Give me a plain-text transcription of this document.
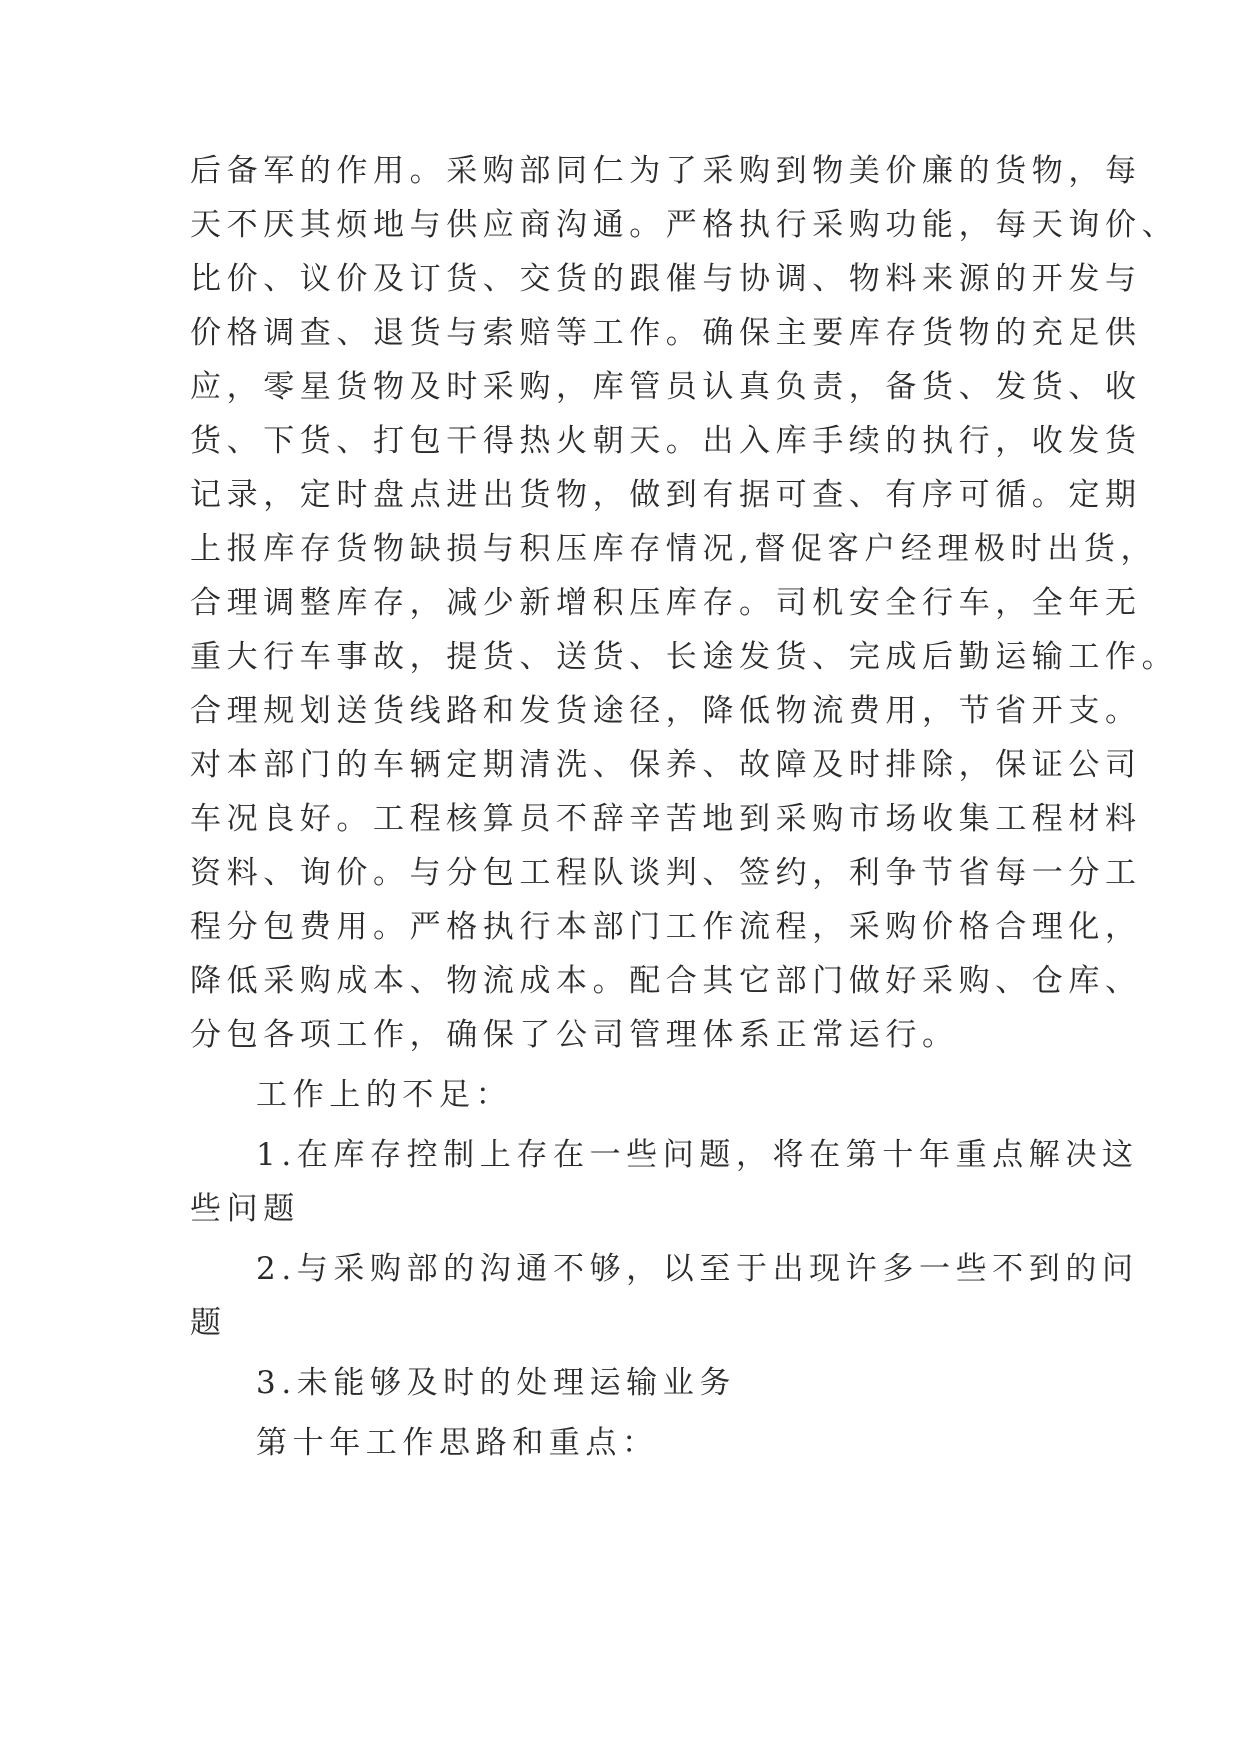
后备军的作用。采购部同仁为了采购到物美价廉的货物，每
天不厌其烦地与供应商沟通。严格执行采购功能，每天询价、
比价、议价及订货、交货的跟催与协调、物料来源的开发与
价格调查、退货与索赔等工作。确保主要库存货物的充足供
应，零星货物及时采购，库管员认真负责，备货、发货、收
货、下货、打包干得热火朝天。出入库手续的执行，收发货
记录，定时盘点进出货物，做到有据可查、有序可循。定期
上报库存货物缺损与积压库存情况,督促客户经理极时出货，
合理调整库存，减少新增积压库存。司机安全行车，全年无
重大行车事故，提货、送货、长途发货、完成后勤运输工作。
合理规划送货线路和发货途径，降低物流费用，节省开支。
对本部门的车辆定期清洗、保养、故障及时排除，保证公司
车况良好。工程核算员不辞辛苦地到采购市场收集工程材料
资料、询价。与分包工程队谈判、签约，利争节省每一分工
程分包费用。严格执行本部门工作流程，采购价格合理化，
降低采购成本、物流成本。配合其它部门做好采购、仓库、
分包各项工作，确保了公司管理体系正常运行。
工作上的不足：
1.在库存控制上存在一些问题，将在第十年重点解决这
些问题
2.与采购部的沟通不够，以至于出现许多一些不到的问
题
3.未能够及时的处理运输业务
第十年工作思路和重点：
